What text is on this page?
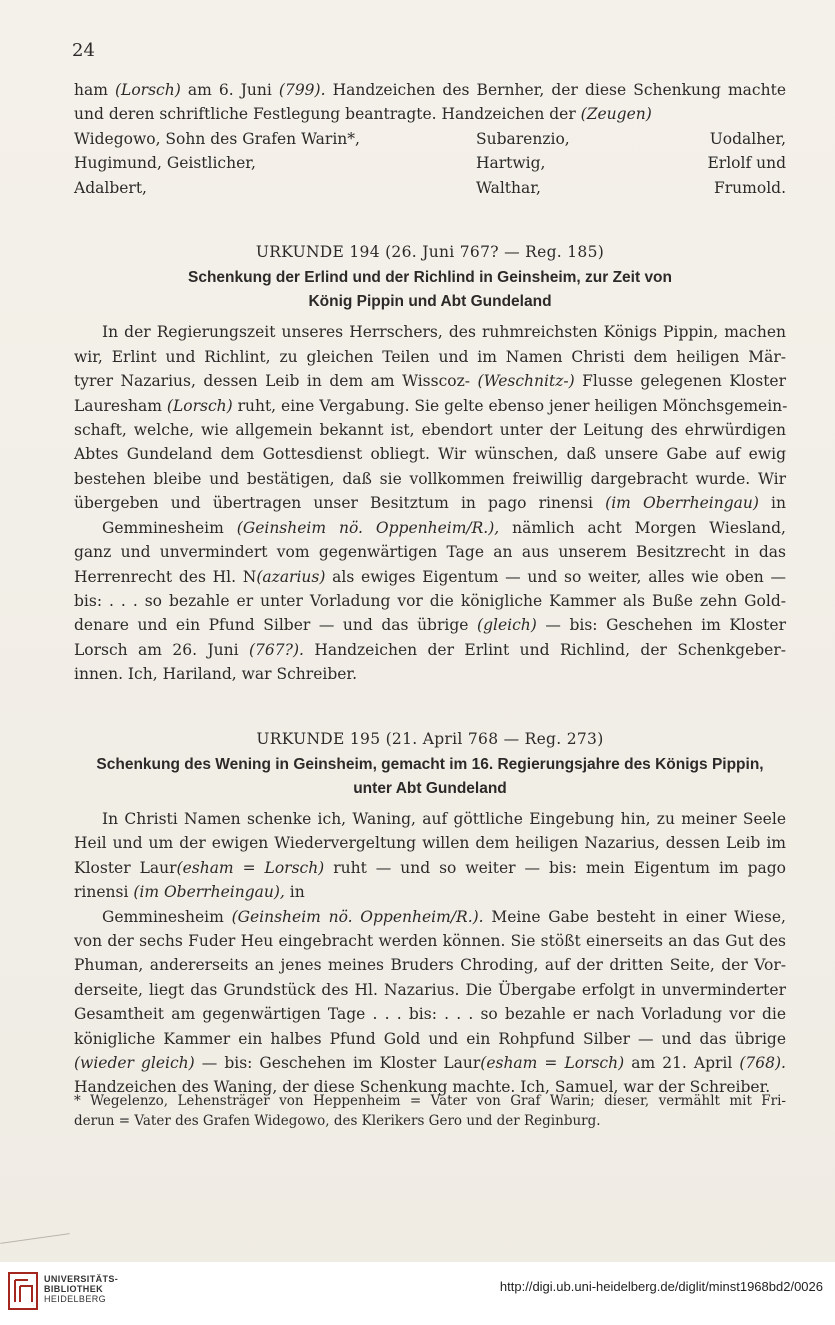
24
ham (Lorsch) am 6. Juni (799). Handzeichen des Bernher, der diese Schenkung machte
und deren schriftliche Festlegung beantragte. Handzeichen der (Zeugen)
Widegowo, Sohn des Grafen Warin*,	Subarenzio,	Uodalher,
Hugimund, Geistlicher,	Hartwig,	Erlolf und
Adalbert,	Walthar,	Frumold.
URKUNDE 194 (26. Juni 767? — Reg. 185)
Schenkung der Erlind und der Richlind in Geinsheim, zur Zeit von
König Pippin und Abt Gundeland
In der Regierungszeit unseres Herrschers, des ruhmreichsten Königs Pippin, machen
wir, Erlint und Richlint, zu gleichen Teilen und im Namen Christi dem heiligen Mär-
tyrer Nazarius, dessen Leib in dem am Wisscoz- (Weschnitz-) Flusse gelegenen Kloster
Lauresham (Lorsch) ruht, eine Vergabung. Sie gelte ebenso jener heiligen Mönchsgemein-
schaft, welche, wie allgemein bekannt ist, ebendort unter der Leitung des ehrwürdigen
Abtes Gundeland dem Gottesdienst obliegt. Wir wünschen, daß unsere Gabe auf ewig
bestehen bleibe und bestätigen, daß sie vollkommen freiwillig dargebracht wurde. Wir
übergeben und übertragen unser Besitztum in pago rinensi (im Oberrheingau) in
Gemminesheim (Geinsheim nö. Oppenheim/R.), nämlich acht Morgen Wiesland,
ganz und unvermindert vom gegenwärtigen Tage an aus unserem Besitzrecht in das
Herrenrecht des Hl. N(azarius) als ewiges Eigentum — und so weiter, alles wie oben —
bis: . . . so bezahle er unter Vorladung vor die königliche Kammer als Buße zehn Gold-
denare und ein Pfund Silber — und das übrige (gleich) — bis: Geschehen im Kloster
Lorsch am 26. Juni (767?). Handzeichen der Erlint und Richlind, der Schenkgeber-
innen. Ich, Hariland, war Schreiber.
URKUNDE 195 (21. April 768 — Reg. 273)
Schenkung des Wening in Geinsheim, gemacht im 16. Regierungsjahre des Königs Pippin,
unter Abt Gundeland
In Christi Namen schenke ich, Waning, auf göttliche Eingebung hin, zu meiner Seele
Heil und um der ewigen Wiedervergeltung willen dem heiligen Nazarius, dessen Leib im
Kloster Laur(esham = Lorsch) ruht — und so weiter — bis: mein Eigentum im pago
rinensi (im Oberrheingau), in
Gemminesheim (Geinsheim nö. Oppenheim/R.). Meine Gabe besteht in einer Wiese,
von der sechs Fuder Heu eingebracht werden können. Sie stößt einerseits an das Gut des
Phuman, andererseits an jenes meines Bruders Chroding, auf der dritten Seite, der Vor-
derseite, liegt das Grundstück des Hl. Nazarius. Die Übergabe erfolgt in unverminderter
Gesamtheit am gegenwärtigen Tage . . . bis: . . . so bezahle er nach Vorladung vor die
königliche Kammer ein halbes Pfund Gold und ein Rohpfund Silber — und das übrige
(wieder gleich) — bis: Geschehen im Kloster Laur(esham = Lorsch) am 21. April (768).
Handzeichen des Waning, der diese Schenkung machte. Ich, Samuel, war der Schreiber.
* Wegelenzo, Lehensträger von Heppenheim = Vater von Graf Warin; dieser, vermählt mit Fri-
derun = Vater des Grafen Widegowo, des Klerikers Gero und der Reginburg.
UNIVERSITÄTS-
BIBLIOTHEK
HEIDELBERG
http://digi.ub.uni-heidelberg.de/diglit/minst1968bd2/0026
